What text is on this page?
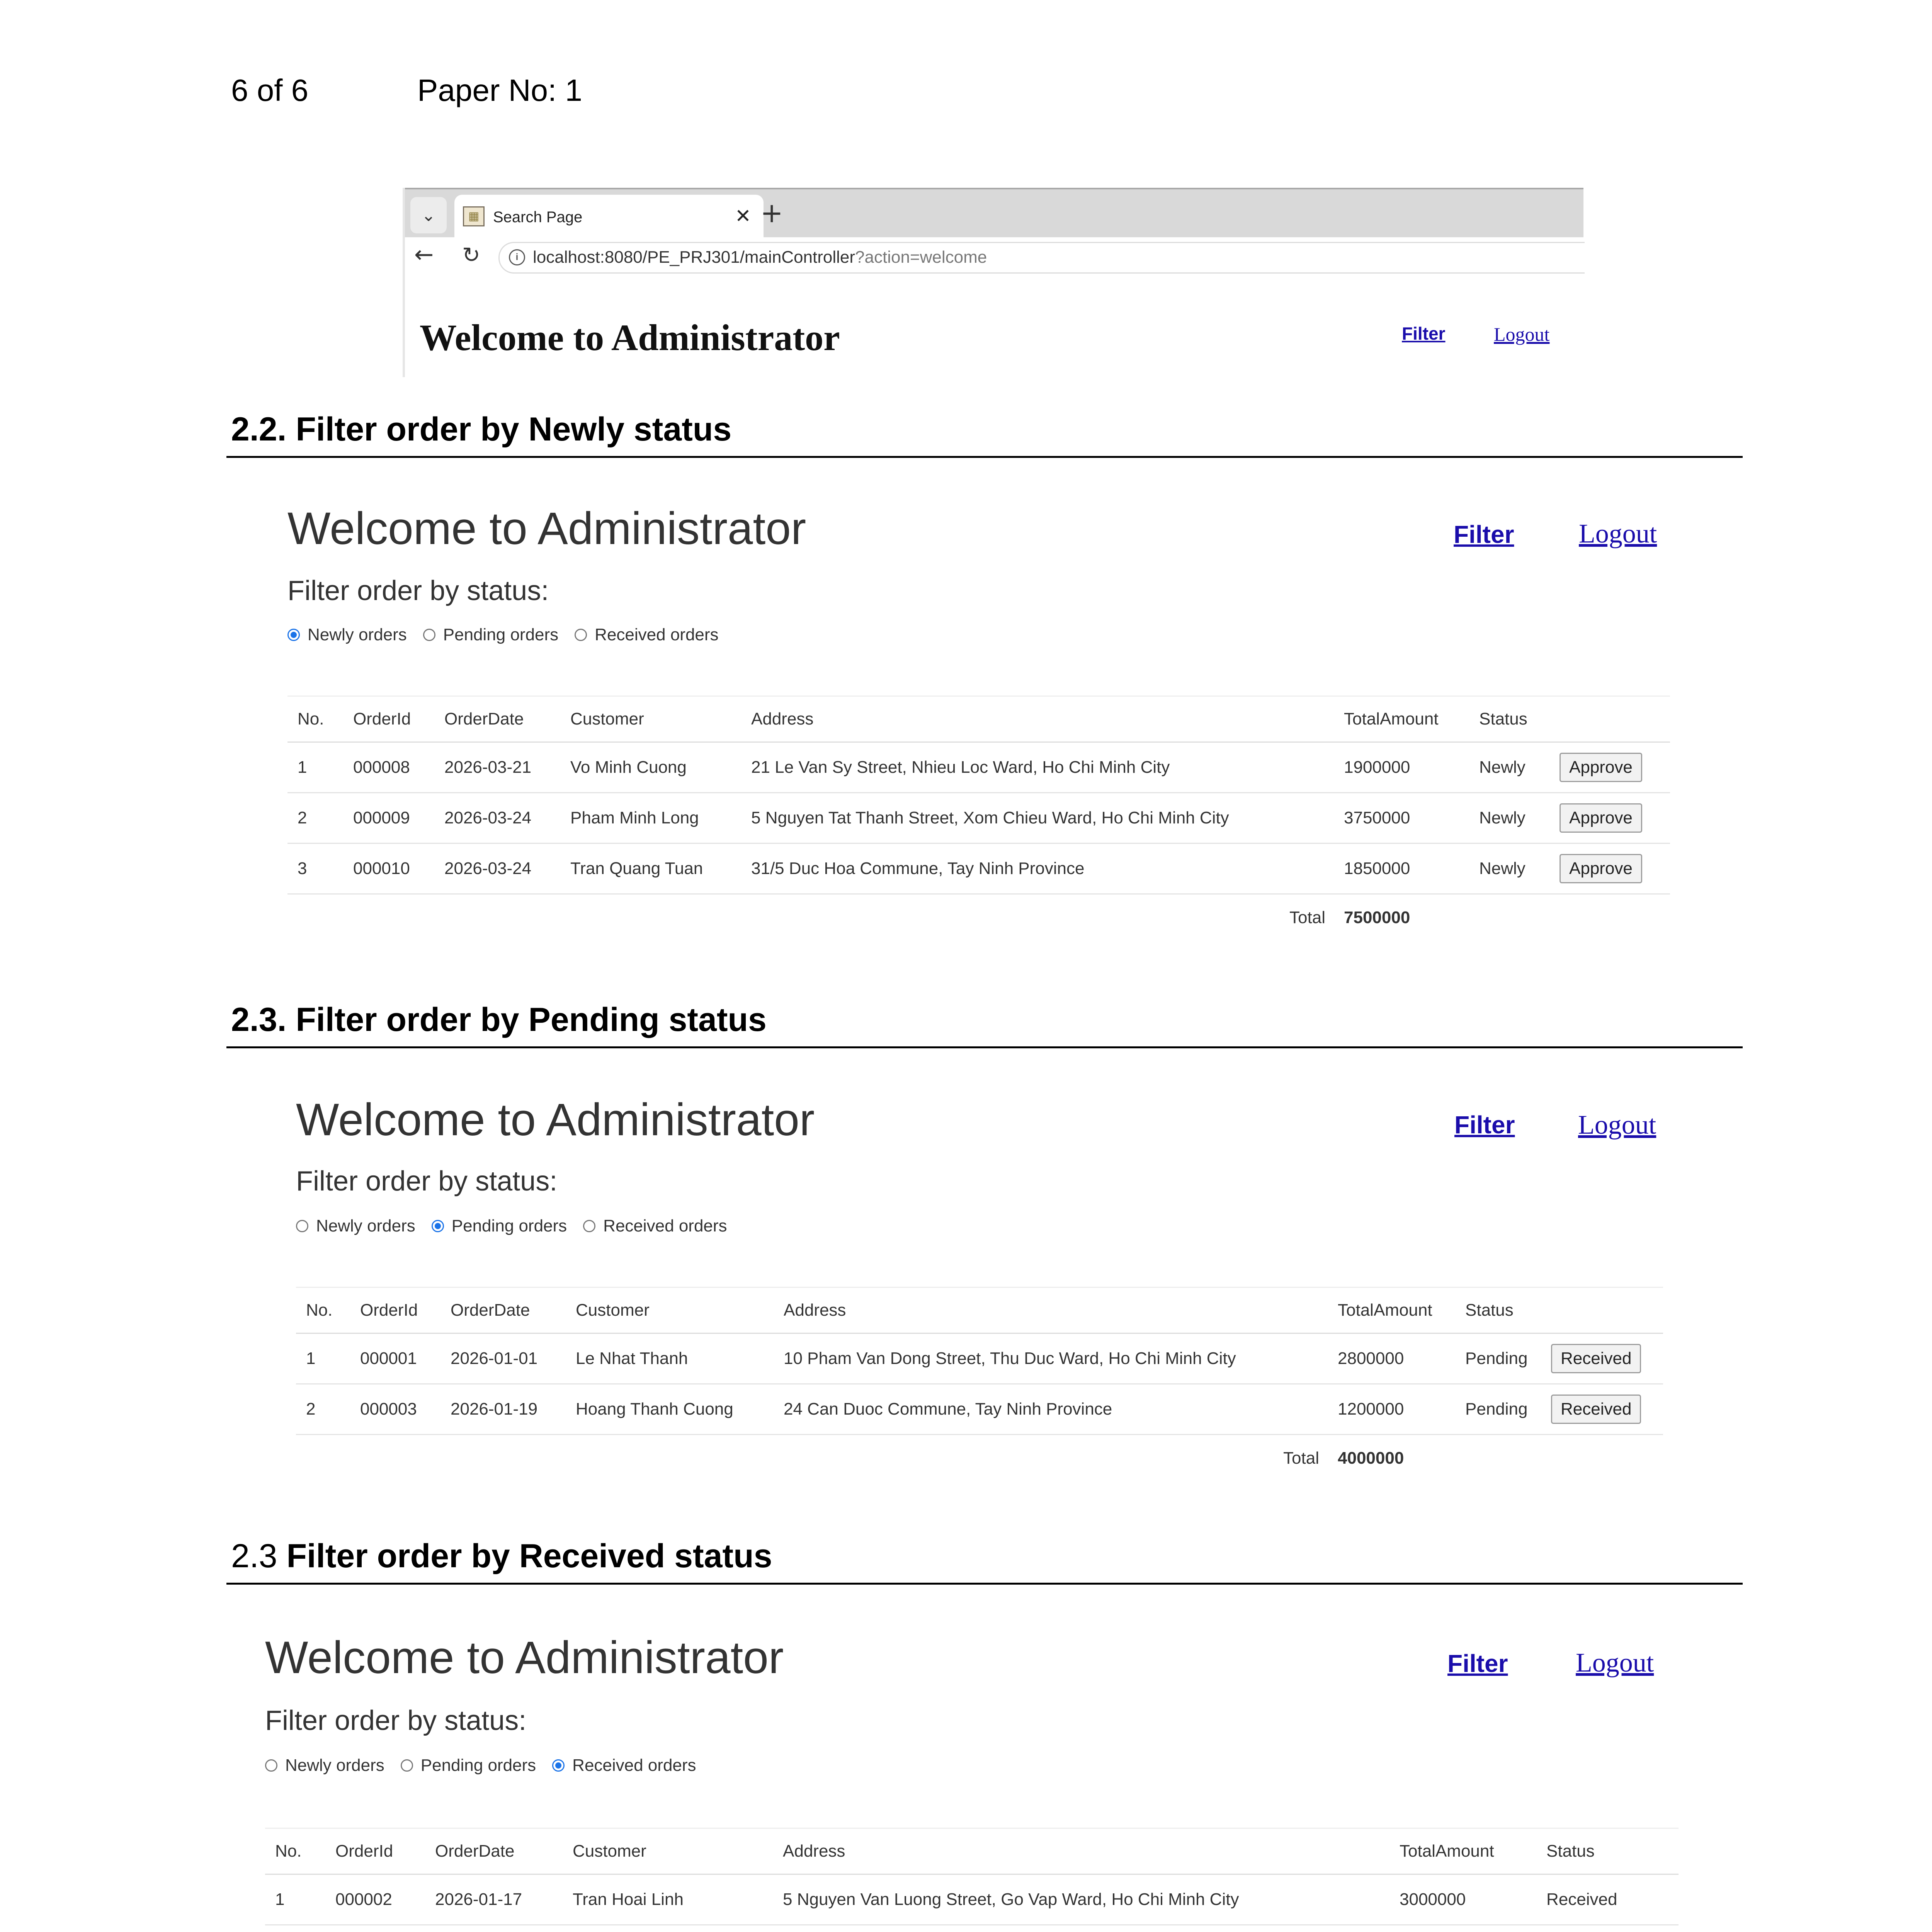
6 of 6	Paper No: 1
⌄	▦ Search Page	✕ +
← ↻	i localhost:8080/PE_PRJ301/mainController?action=welcome
Welcome to Administrator	Filter	Logout
2.2. Filter order by Newly status
Welcome to Administrator	Filter Logout
Filter order by status:
Newly orders Pending orders Received orders
No.	OrderId	OrderDate	Customer	Address	TotalAmount	Status	
1	000008	2026-03-21	Vo Minh Cuong	21 Le Van Sy Street, Nhieu Loc Ward, Ho Chi Minh City	1900000	Newly	Approve
2	000009	2026-03-24	Pham Minh Long	5 Nguyen Tat Thanh Street, Xom Chieu Ward, Ho Chi Minh City	3750000	Newly	Approve
3	000010	2026-03-24	Tran Quang Tuan	31/5 Duc Hoa Commune, Tay Ninh Province	1850000	Newly	Approve
Total					7500000		
2.3. Filter order by Pending status
Welcome to Administrator	Filter Logout
Filter order by status:
Newly orders Pending orders Received orders
No.	OrderId	OrderDate	Customer	Address	TotalAmount	Status	
1	000001	2026-01-01	Le Nhat Thanh	10 Pham Van Dong Street, Thu Duc Ward, Ho Chi Minh City	2800000	Pending	Received
2	000003	2026-01-19	Hoang Thanh Cuong	24 Can Duoc Commune, Tay Ninh Province	1200000	Pending	Received
Total					4000000		
2.3 Filter order by Received status
Welcome to Administrator	Filter	Logout
Filter order by status:
Newly orders Pending orders Received orders
No.	OrderId	OrderDate	Customer	Address	TotalAmount	Status
1	000002	2026-01-17	Tran Hoai Linh	5 Nguyen Van Luong Street, Go Vap Ward, Ho Chi Minh City	3000000	Received
